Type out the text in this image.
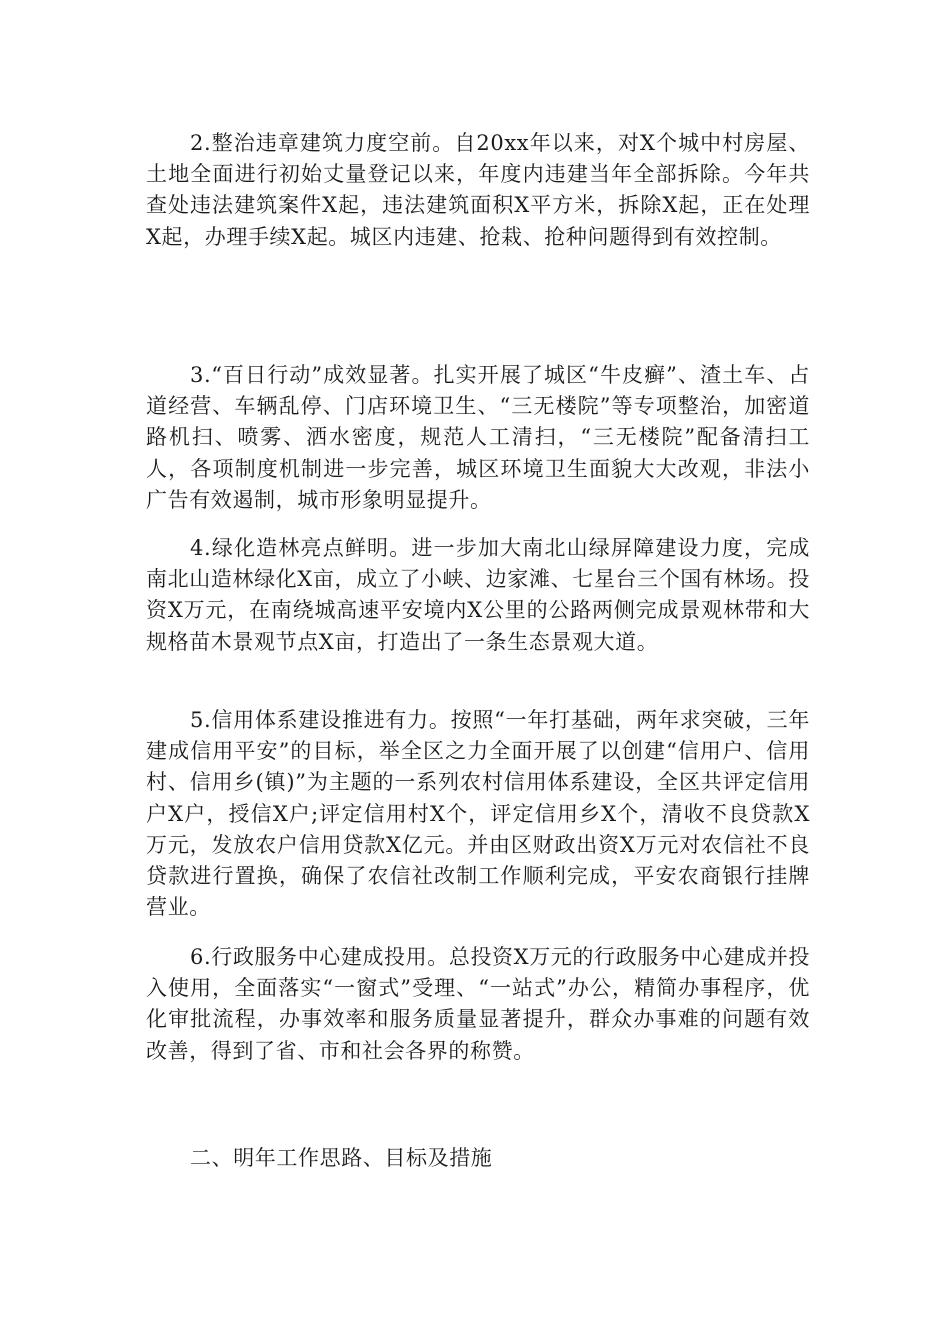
2.整治违章建筑力度空前。自20xx年以来，对X个城中村房屋、土地全面进行初始丈量登记以来，年度内违建当年全部拆除。今年共查处违法建筑案件X起，违法建筑面积X平方米，拆除X起，正在处理X起，办理手续X起。城区内违建、抢栽、抢种问题得到有效控制。

3.“百日行动”成效显著。扎实开展了城区“牛皮癣”、渣土车、占道经营、车辆乱停、门店环境卫生、“三无楼院”等专项整治，加密道路机扫、喷雾、洒水密度，规范人工清扫，“三无楼院”配备清扫工人，各项制度机制进一步完善，城区环境卫生面貌大大改观，非法小广告有效遏制，城市形象明显提升。

4.绿化造林亮点鲜明。进一步加大南北山绿屏障建设力度，完成南北山造林绿化X亩，成立了小峡、边家滩、七星台三个国有林场。投资X万元，在南绕城高速平安境内X公里的公路两侧完成景观林带和大规格苗木景观节点X亩，打造出了一条生态景观大道。

5.信用体系建设推进有力。按照“一年打基础，两年求突破，三年建成信用平安”的目标，举全区之力全面开展了以创建“信用户、信用村、信用乡(镇)”为主题的一系列农村信用体系建设，全区共评定信用户X户，授信X户;评定信用村X个，评定信用乡X个，清收不良贷款X万元，发放农户信用贷款X亿元。并由区财政出资X万元对农信社不良贷款进行置换，确保了农信社改制工作顺利完成，平安农商银行挂牌营业。

6.行政服务中心建成投用。总投资X万元的行政服务中心建成并投入使用，全面落实“一窗式”受理、“一站式”办公，精简办事程序，优化审批流程，办事效率和服务质量显著提升，群众办事难的问题有效改善，得到了省、市和社会各界的称赞。

二、明年工作思路、目标及措施
